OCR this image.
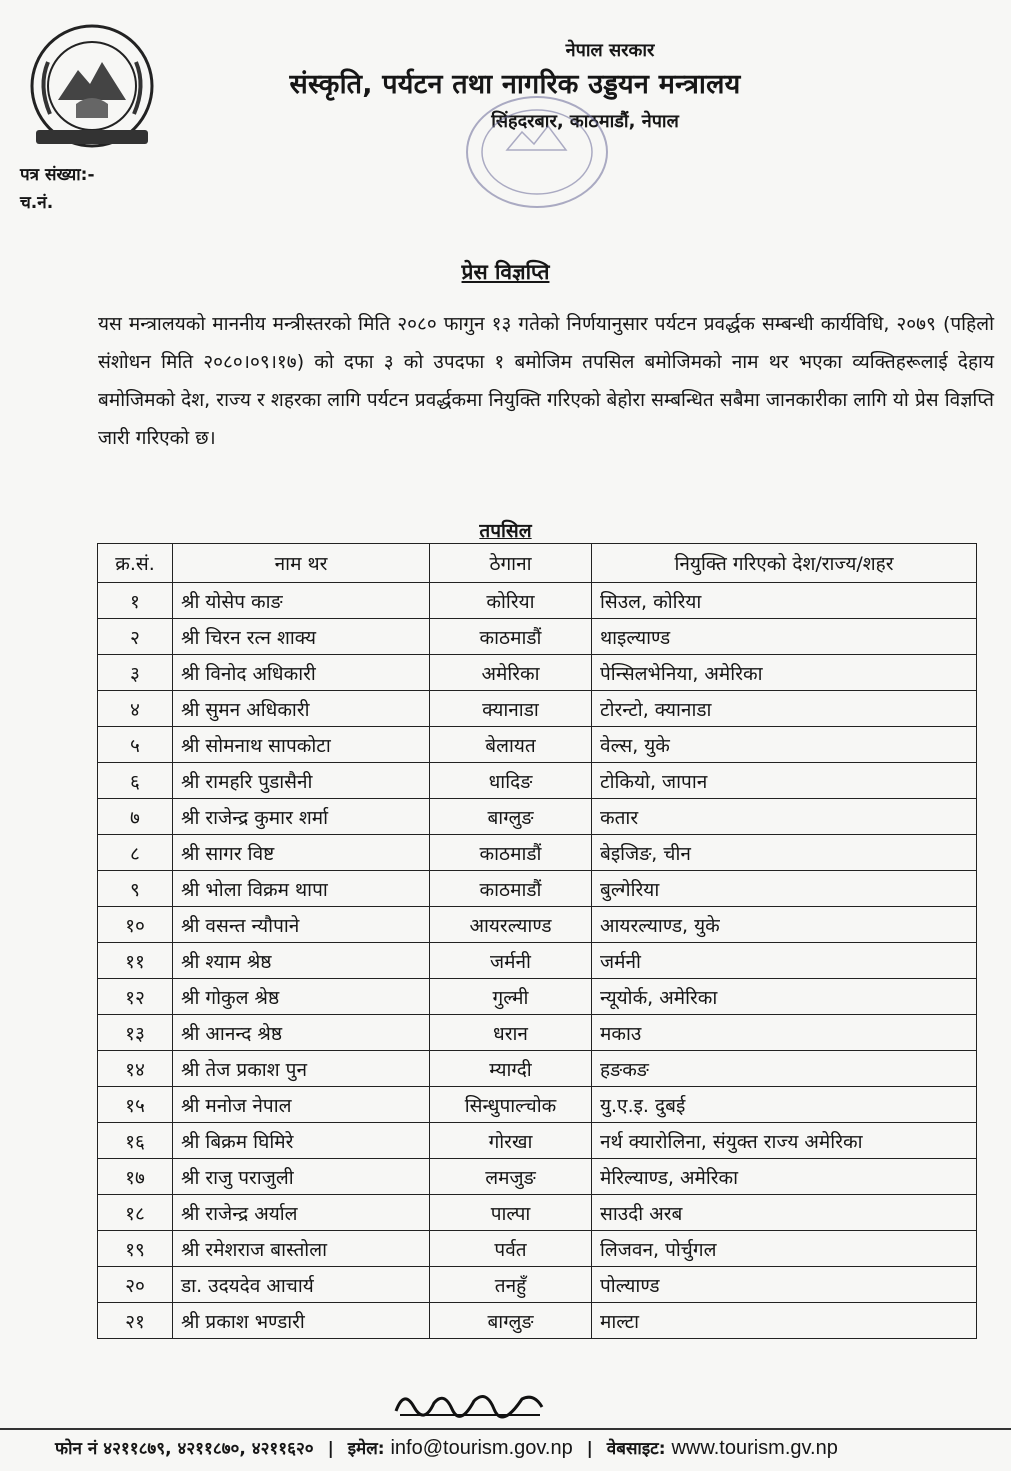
नेपाल सरकार
संस्कृति, पर्यटन तथा नागरिक उड्डयन मन्त्रालय
सिंहदरबार, काठमाडौं, नेपाल
पत्र संख्या:-
च.नं.
प्रेस विज्ञप्ति
यस मन्त्रालयको माननीय मन्त्रीस्तरको मिति २०८० फागुन १३ गतेको निर्णयानुसार पर्यटन प्रवर्द्धक सम्बन्धी कार्यविधि, २०७९ (पहिलो संशोधन मिति २०८०।०९।१७) को दफा ३ को उपदफा १ बमोजिम तपसिल बमोजिमको नाम थर भएका व्यक्तिहरूलाई देहाय बमोजिमको देश, राज्य र शहरका लागि पर्यटन प्रवर्द्धकमा नियुक्ति गरिएको बेहोरा सम्बन्धित सबैमा जानकारीका लागि यो प्रेस विज्ञप्ति जारी गरिएको छ।
तपसिल
क्र.सं.	नाम थर	ठेगाना	नियुक्ति गरिएको देश/राज्य/शहर
१	श्री योसेप काङ	कोरिया	सिउल, कोरिया
२	श्री चिरन रत्न शाक्य	काठमाडौं	थाइल्याण्ड
३	श्री विनोद अधिकारी	अमेरिका	पेन्सिलभेनिया, अमेरिका
४	श्री सुमन अधिकारी	क्यानाडा	टोरन्टो, क्यानाडा
५	श्री सोमनाथ सापकोटा	बेलायत	वेल्स, युके
६	श्री रामहरि पुडासैनी	धादिङ	टोकियो, जापान
७	श्री राजेन्द्र कुमार शर्मा	बाग्लुङ	कतार
८	श्री सागर विष्ट	काठमाडौं	बेइजिङ, चीन
९	श्री भोला विक्रम थापा	काठमाडौं	बुल्गेरिया
१०	श्री वसन्त न्यौपाने	आयरल्याण्ड	आयरल्याण्ड, युके
११	श्री श्याम श्रेष्ठ	जर्मनी	जर्मनी
१२	श्री गोकुल श्रेष्ठ	गुल्मी	न्यूयोर्क, अमेरिका
१३	श्री आनन्द श्रेष्ठ	धरान	मकाउ
१४	श्री तेज प्रकाश पुन	म्याग्दी	हङकङ
१५	श्री मनोज नेपाल	सिन्धुपाल्चोक	यु.ए.इ. दुबई
१६	श्री बिक्रम घिमिरे	गोरखा	नर्थ क्यारोलिना, संयुक्त राज्य अमेरिका
१७	श्री राजु पराजुली	लमजुङ	मेरिल्याण्ड, अमेरिका
१८	श्री राजेन्द्र अर्याल	पाल्पा	साउदी अरब
१९	श्री रमेशराज बास्तोला	पर्वत	लिजवन, पोर्चुगल
२०	डा. उदयदेव आचार्य	तनहुँ	पोल्याण्ड
२१	श्री प्रकाश भण्डारी	बाग्लुङ	माल्टा
फोन नं ४२११८७९, ४२११८७०, ४२११६२० | इमेल: info@tourism.gov.np | वेबसाइट: www.tourism.gv.np
